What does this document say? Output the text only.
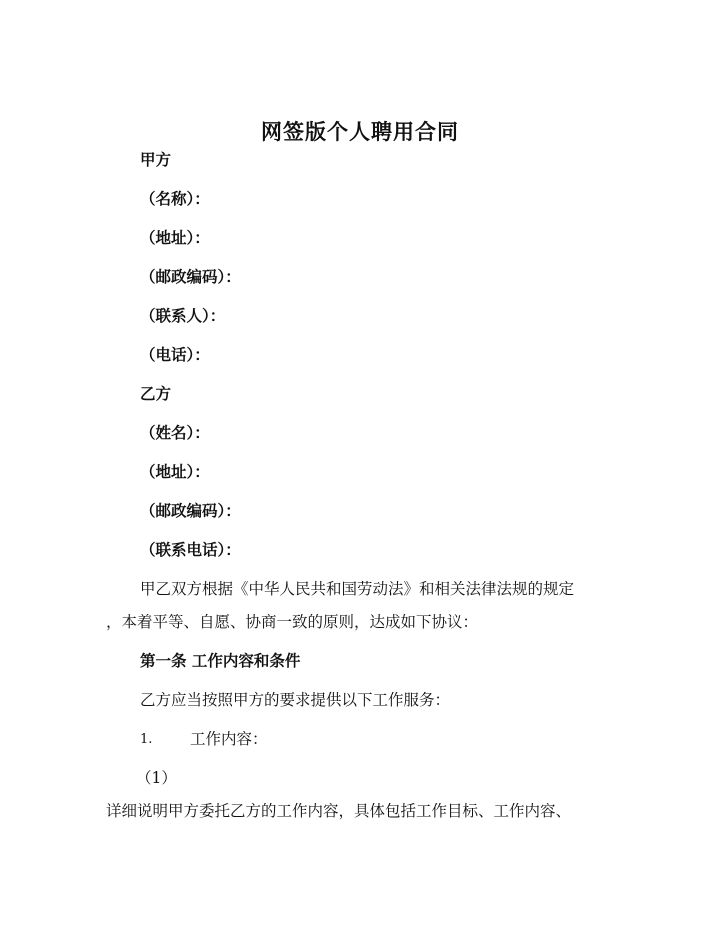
网签版个人聘用合同
甲方
（名称）：
（地址）：
（邮政编码）：
（联系人）：
（电话）：
乙方
（姓名）：
（地址）：
（邮政编码）：
（联系电话）：
甲乙双方根据《中华人民共和国劳动法》和相关法律法规的规定
，本着平等、自愿、协商一致的原则，达成如下协议：
第一条 工作内容和条件
乙方应当按照甲方的要求提供以下工作服务：
1. 工作内容：
（1）
详细说明甲方委托乙方的工作内容，具体包括工作目标、工作内容、
